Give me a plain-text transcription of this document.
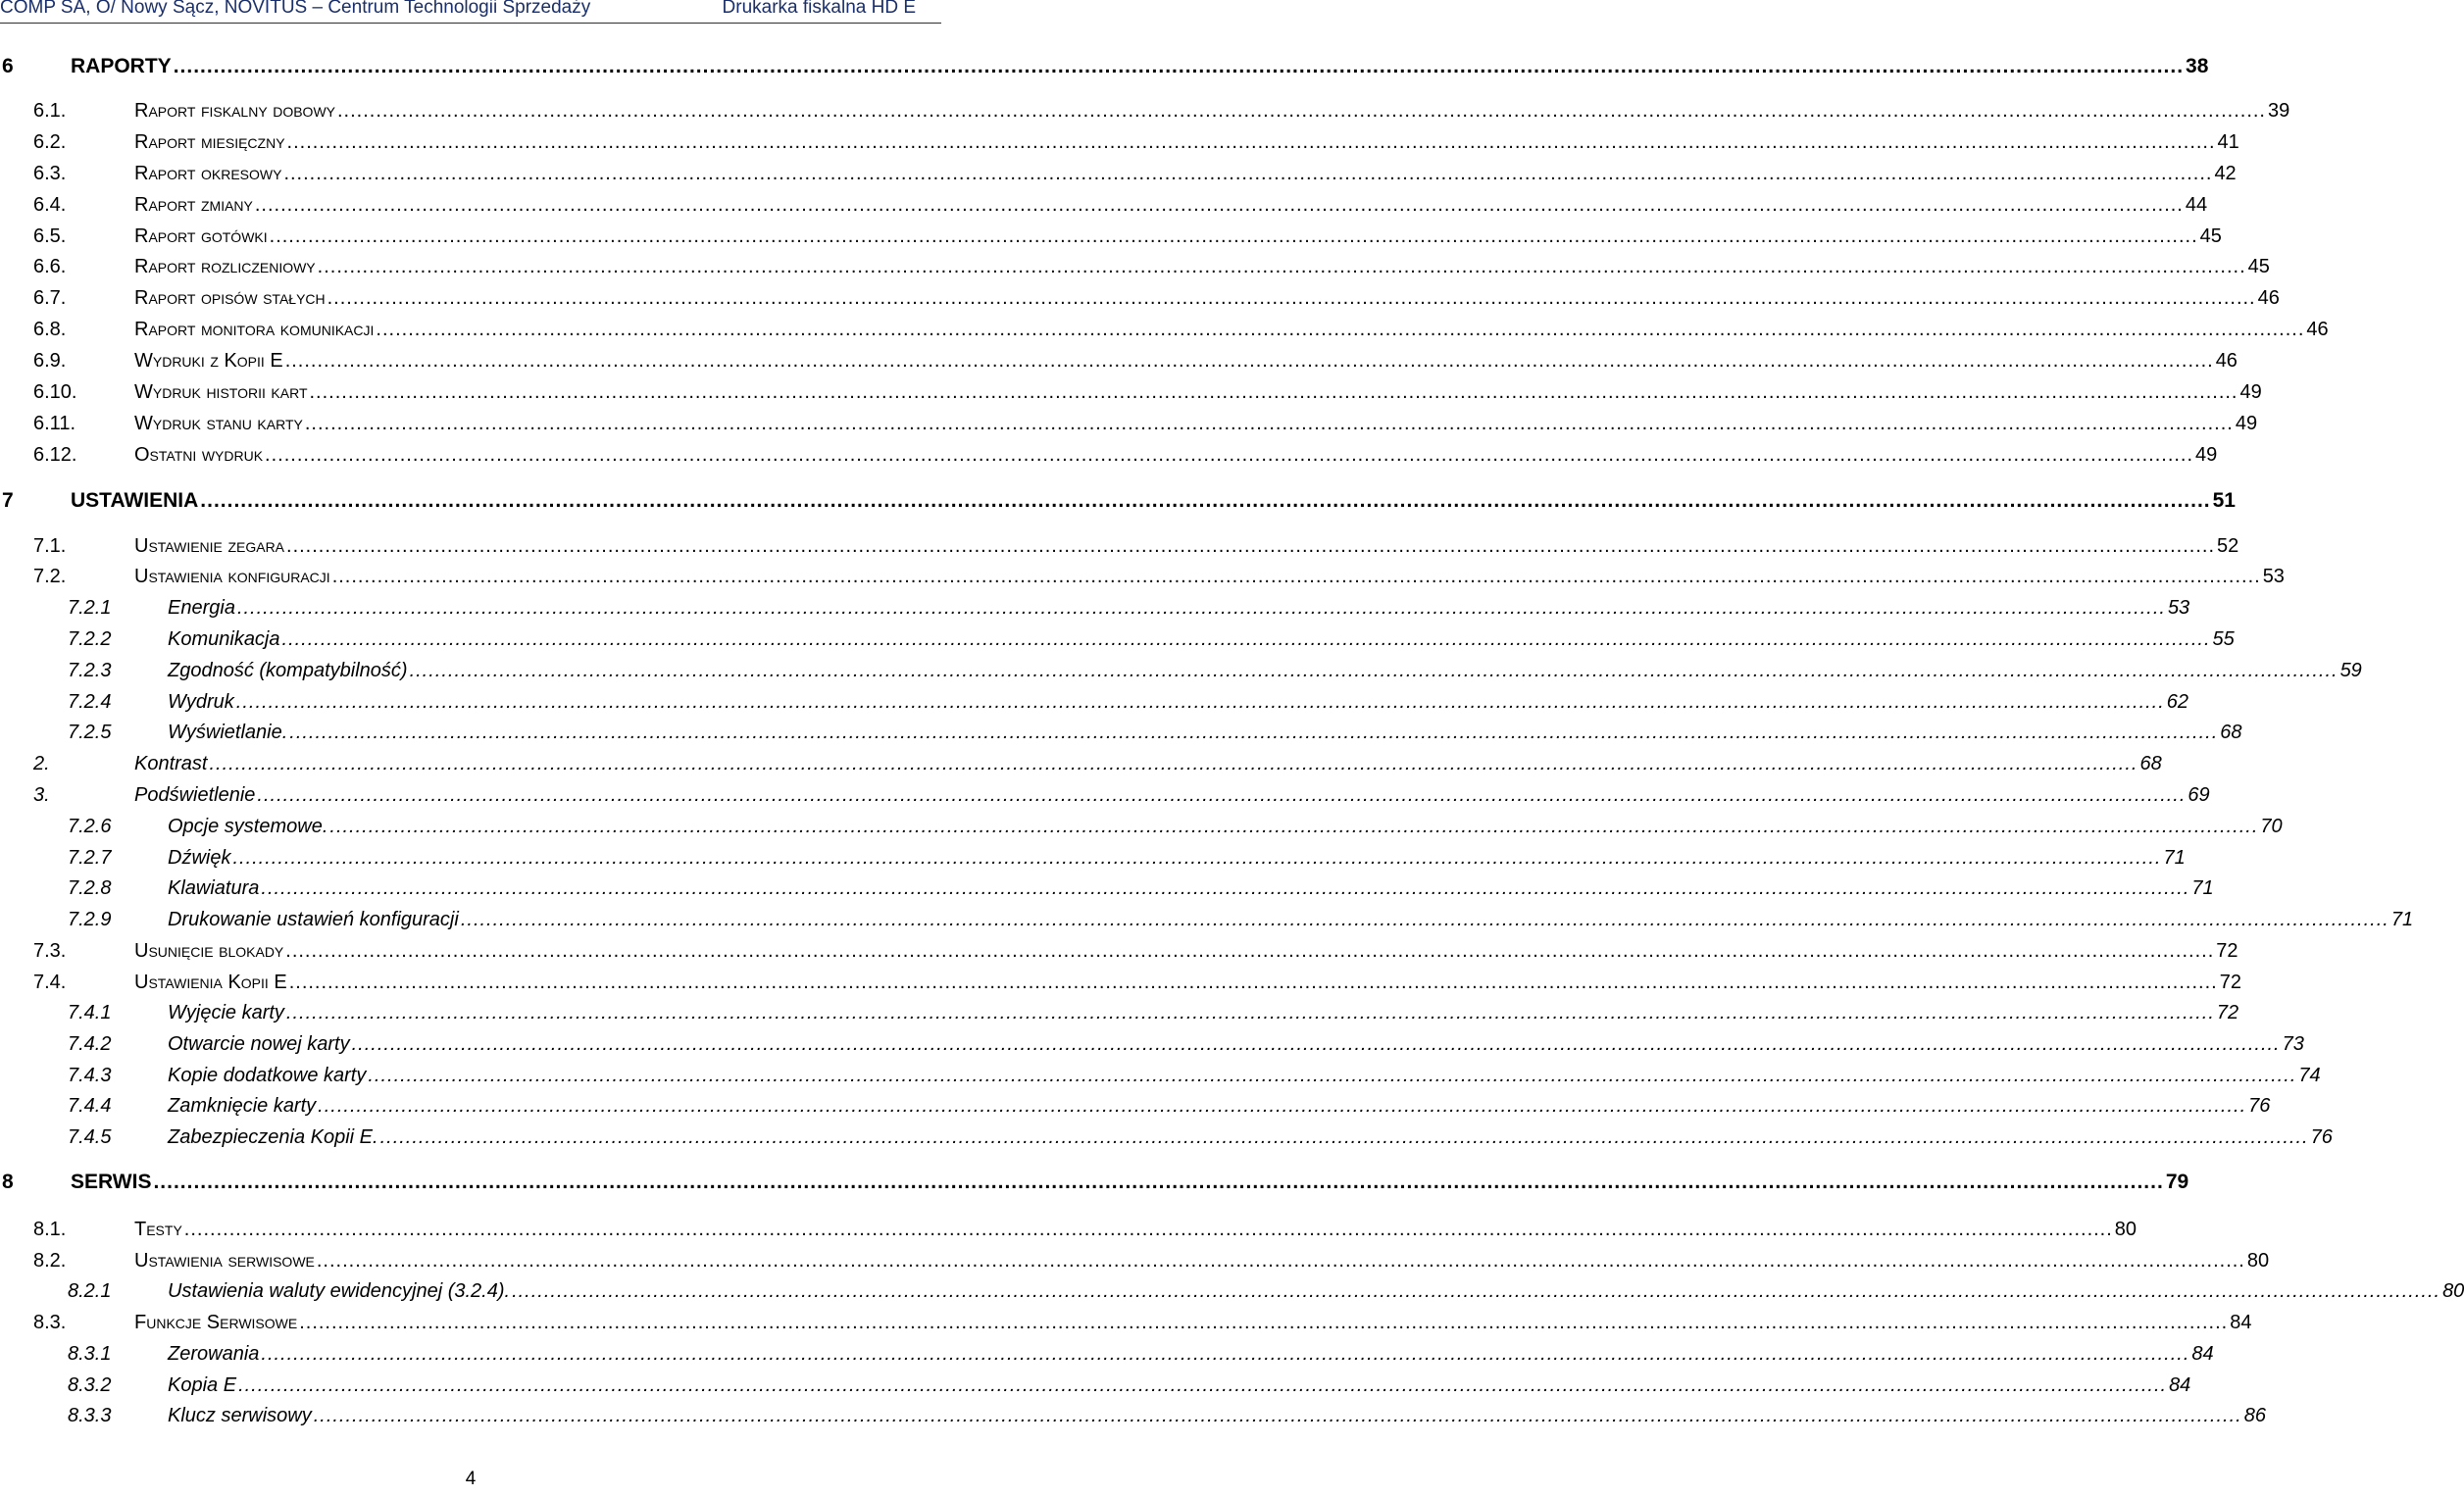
COMP SA, O/ Nowy Sącz, NOVITUS – Centrum Technologii Sprzedaży	Drukarka fiskalna HD E
6	RAPORTY ............................................................................................................................................................................................................................................................................................................ 38
6.1.	Raport fiskalny dobowy ............................................................................................................................................................................................................................................................................................................ 39
6.2.	Raport miesięczny ............................................................................................................................................................................................................................................................................................................ 41
6.3.	Raport okresowy ............................................................................................................................................................................................................................................................................................................ 42
6.4.	Raport zmiany ............................................................................................................................................................................................................................................................................................................ 44
6.5.	Raport gotówki ............................................................................................................................................................................................................................................................................................................ 45
6.6.	Raport rozliczeniowy ............................................................................................................................................................................................................................................................................................................ 45
6.7.	Raport opisów stałych ............................................................................................................................................................................................................................................................................................................ 46
6.8.	Raport monitora komunikacji ............................................................................................................................................................................................................................................................................................................ 46
6.9.	Wydruki z Kopii E ............................................................................................................................................................................................................................................................................................................ 46
6.10.	Wydruk historii kart ............................................................................................................................................................................................................................................................................................................ 49
6.11.	Wydruk stanu karty ............................................................................................................................................................................................................................................................................................................ 49
6.12.	Ostatni wydruk ............................................................................................................................................................................................................................................................................................................ 49
7	USTAWIENIA ............................................................................................................................................................................................................................................................................................................ 51
7.1.	Ustawienie zegara ............................................................................................................................................................................................................................................................................................................ 52
7.2.	Ustawienia konfiguracji ............................................................................................................................................................................................................................................................................................................ 53
7.2.1	Energia ............................................................................................................................................................................................................................................................................................................ 53
7.2.2	Komunikacja ............................................................................................................................................................................................................................................................................................................ 55
7.2.3	Zgodność (kompatybilność) ............................................................................................................................................................................................................................................................................................................ 59
7.2.4	Wydruk ............................................................................................................................................................................................................................................................................................................ 62
7.2.5	Wyświetlanie. ............................................................................................................................................................................................................................................................................................................ 68
2.	Kontrast ............................................................................................................................................................................................................................................................................................................ 68
3.	Podświetlenie ............................................................................................................................................................................................................................................................................................................ 69
7.2.6	Opcje systemowe. ............................................................................................................................................................................................................................................................................................................ 70
7.2.7	Dźwięk ............................................................................................................................................................................................................................................................................................................ 71
7.2.8	Klawiatura ............................................................................................................................................................................................................................................................................................................ 71
7.2.9	Drukowanie ustawień konfiguracji ............................................................................................................................................................................................................................................................................................................ 71
7.3.	Usunięcie blokady ............................................................................................................................................................................................................................................................................................................ 72
7.4.	Ustawienia Kopii E ............................................................................................................................................................................................................................................................................................................ 72
7.4.1	Wyjęcie karty ............................................................................................................................................................................................................................................................................................................ 72
7.4.2	Otwarcie nowej karty ............................................................................................................................................................................................................................................................................................................ 73
7.4.3	Kopie dodatkowe karty ............................................................................................................................................................................................................................................................................................................ 74
7.4.4	Zamknięcie karty ............................................................................................................................................................................................................................................................................................................ 76
7.4.5	Zabezpieczenia Kopii E. ............................................................................................................................................................................................................................................................................................................ 76
8	SERWIS ............................................................................................................................................................................................................................................................................................................ 79
8.1.	Testy ............................................................................................................................................................................................................................................................................................................ 80
8.2.	Ustawienia serwisowe ............................................................................................................................................................................................................................................................................................................ 80
8.2.1	Ustawienia waluty ewidencyjnej (3.2.4). ............................................................................................................................................................................................................................................................................................................ 80
8.3.	Funkcje Serwisowe ............................................................................................................................................................................................................................................................................................................ 84
8.3.1	Zerowania ............................................................................................................................................................................................................................................................................................................ 84
8.3.2	Kopia E ............................................................................................................................................................................................................................................................................................................ 84
8.3.3	Klucz serwisowy ............................................................................................................................................................................................................................................................................................................ 86
4
